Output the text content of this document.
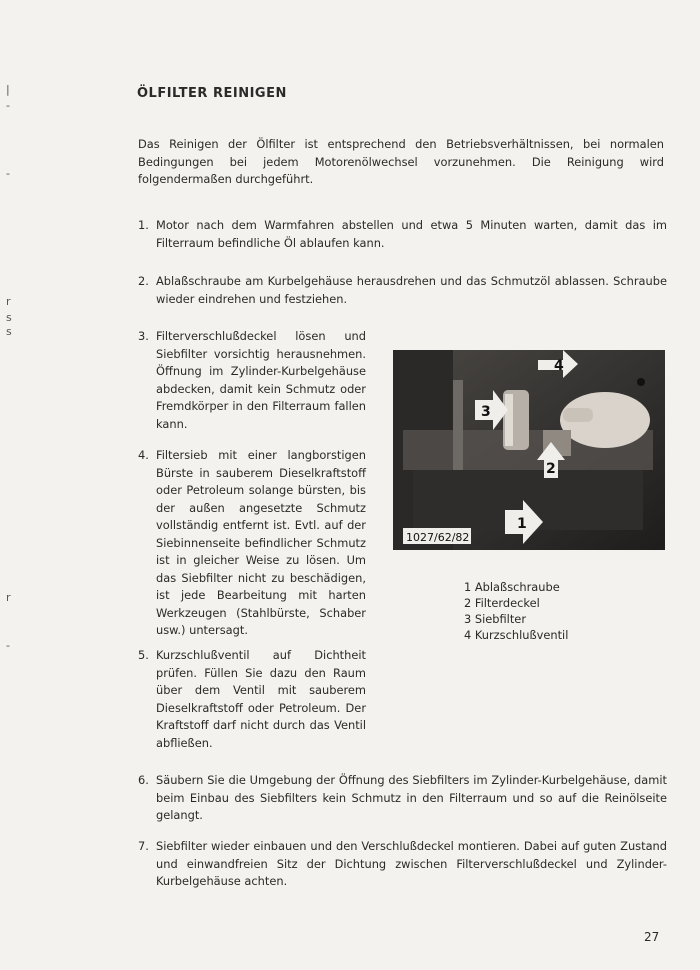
|
-
-
r
s
s
r
-
ÖLFILTER REINIGEN
Das Reinigen der Ölfilter ist entsprechend den Betriebsverhältnissen, bei normalen Bedingungen bei jedem Motorenölwechsel vorzunehmen. Die Reinigung wird folgendermaßen durchgeführt.
1. Motor nach dem Warmfahren abstellen und etwa 5 Minuten warten, damit das im Filterraum befindliche Öl ablaufen kann.
2. Ablaßschraube am Kurbelgehäuse herausdrehen und das Schmutzöl ablassen. Schraube wieder eindrehen und festziehen.
3. Filterverschlußdeckel lösen und Siebfilter vorsichtig herausnehmen. Öffnung im Zylinder-Kurbelgehäuse abdecken, damit kein Schmutz oder Fremdkörper in den Filterraum fallen kann.
4. Filtersieb mit einer langborstigen Bürste in sauberem Dieselkraftstoff oder Petroleum solange bürsten, bis der außen angesetzte Schmutz vollständig entfernt ist. Evtl. auf der Siebinnenseite befindlicher Schmutz ist in gleicher Weise zu lösen. Um das Siebfilter nicht zu beschädigen, ist jede Bearbeitung mit harten Werkzeugen (Stahlbürste, Schaber usw.) untersagt.
5. Kurzschlußventil auf Dichtheit prüfen. Füllen Sie dazu den Raum über dem Ventil mit sauberem Dieselkraftstoff oder Petroleum. Der Kraftstoff darf nicht durch das Ventil abfließen.
6. Säubern Sie die Umgebung der Öffnung des Siebfilters im Zylinder-Kurbelgehäuse, damit beim Einbau des Siebfilters kein Schmutz in den Filterraum und so auf die Reinölseite gelangt.
7. Siebfilter wieder einbauen und den Verschlußdeckel montieren. Dabei auf guten Zustand und einwandfreien Sitz der Dichtung zwischen Filterverschlußdeckel und Zylinder-Kurbelgehäuse achten.
4
3
2
1
1027/62/82
1 Ablaßschraube
2 Filterdeckel
3 Siebfilter
4 Kurzschlußventil
27
